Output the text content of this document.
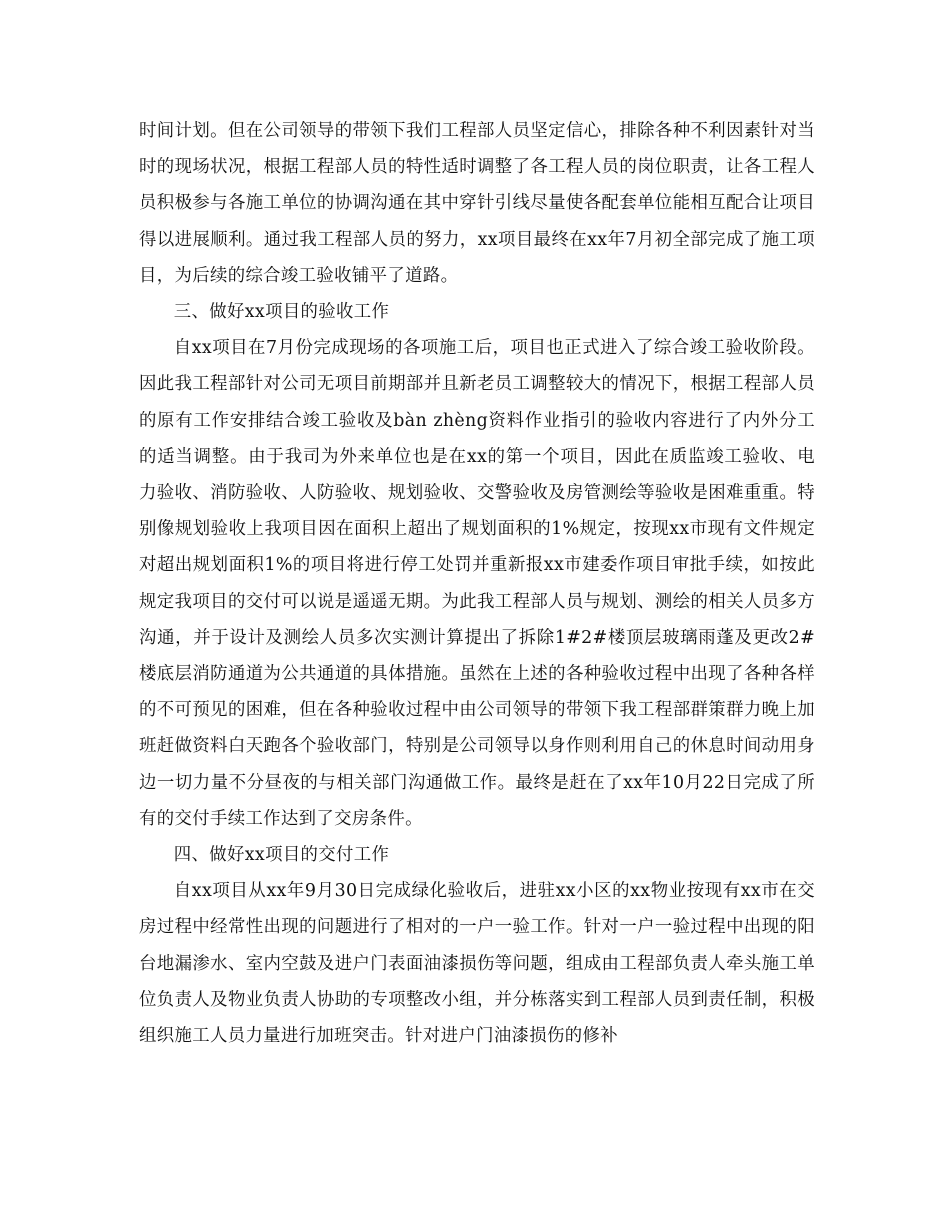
时间计划。但在公司领导的带领下我们工程部人员坚定信心，排除各种不利因素针对当时的现场状况，根据工程部人员的特性适时调整了各工程人员的岗位职责，让各工程人员积极参与各施工单位的协调沟通在其中穿针引线尽量使各配套单位能相互配合让项目得以进展顺利。通过我工程部人员的努力，xx项目最终在xx年7月初全部完成了施工项目，为后续的综合竣工验收铺平了道路。

三、做好xx项目的验收工作

自xx项目在7月份完成现场的各项施工后，项目也正式进入了综合竣工验收阶段。因此我工程部针对公司无项目前期部并且新老员工调整较大的情况下，根据工程部人员的原有工作安排结合竣工验收及bàn zhèng资料作业指引的验收内容进行了内外分工的适当调整。由于我司为外来单位也是在xx的第一个项目，因此在质监竣工验收、电力验收、消防验收、人防验收、规划验收、交警验收及房管测绘等验收是困难重重。特别像规划验收上我项目因在面积上超出了规划面积的1%规定，按现xx市现有文件规定对超出规划面积1%的项目将进行停工处罚并重新报xx市建委作项目审批手续，如按此规定我项目的交付可以说是遥遥无期。为此我工程部人员与规划、测绘的相关人员多方沟通，并于设计及测绘人员多次实测计算提出了拆除1#2#楼顶层玻璃雨蓬及更改2#楼底层消防通道为公共通道的具体措施。虽然在上述的各种验收过程中出现了各种各样的不可预见的困难，但在各种验收过程中由公司领导的带领下我工程部群策群力晚上加班赶做资料白天跑各个验收部门，特别是公司领导以身作则利用自己的休息时间动用身边一切力量不分昼夜的与相关部门沟通做工作。最终是赶在了xx年10月22日完成了所有的交付手续工作达到了交房条件。

四、做好xx项目的交付工作

自xx项目从xx年9月30日完成绿化验收后，进驻xx小区的xx物业按现有xx市在交房过程中经常性出现的问题进行了相对的一户一验工作。针对一户一验过程中出现的阳台地漏渗水、室内空鼓及进户门表面油漆损伤等问题，组成由工程部负责人牵头施工单位负责人及物业负责人协助的专项整改小组，并分栋落实到工程部人员到责任制，积极组织施工人员力量进行加班突击。针对进户门油漆损伤的修补
